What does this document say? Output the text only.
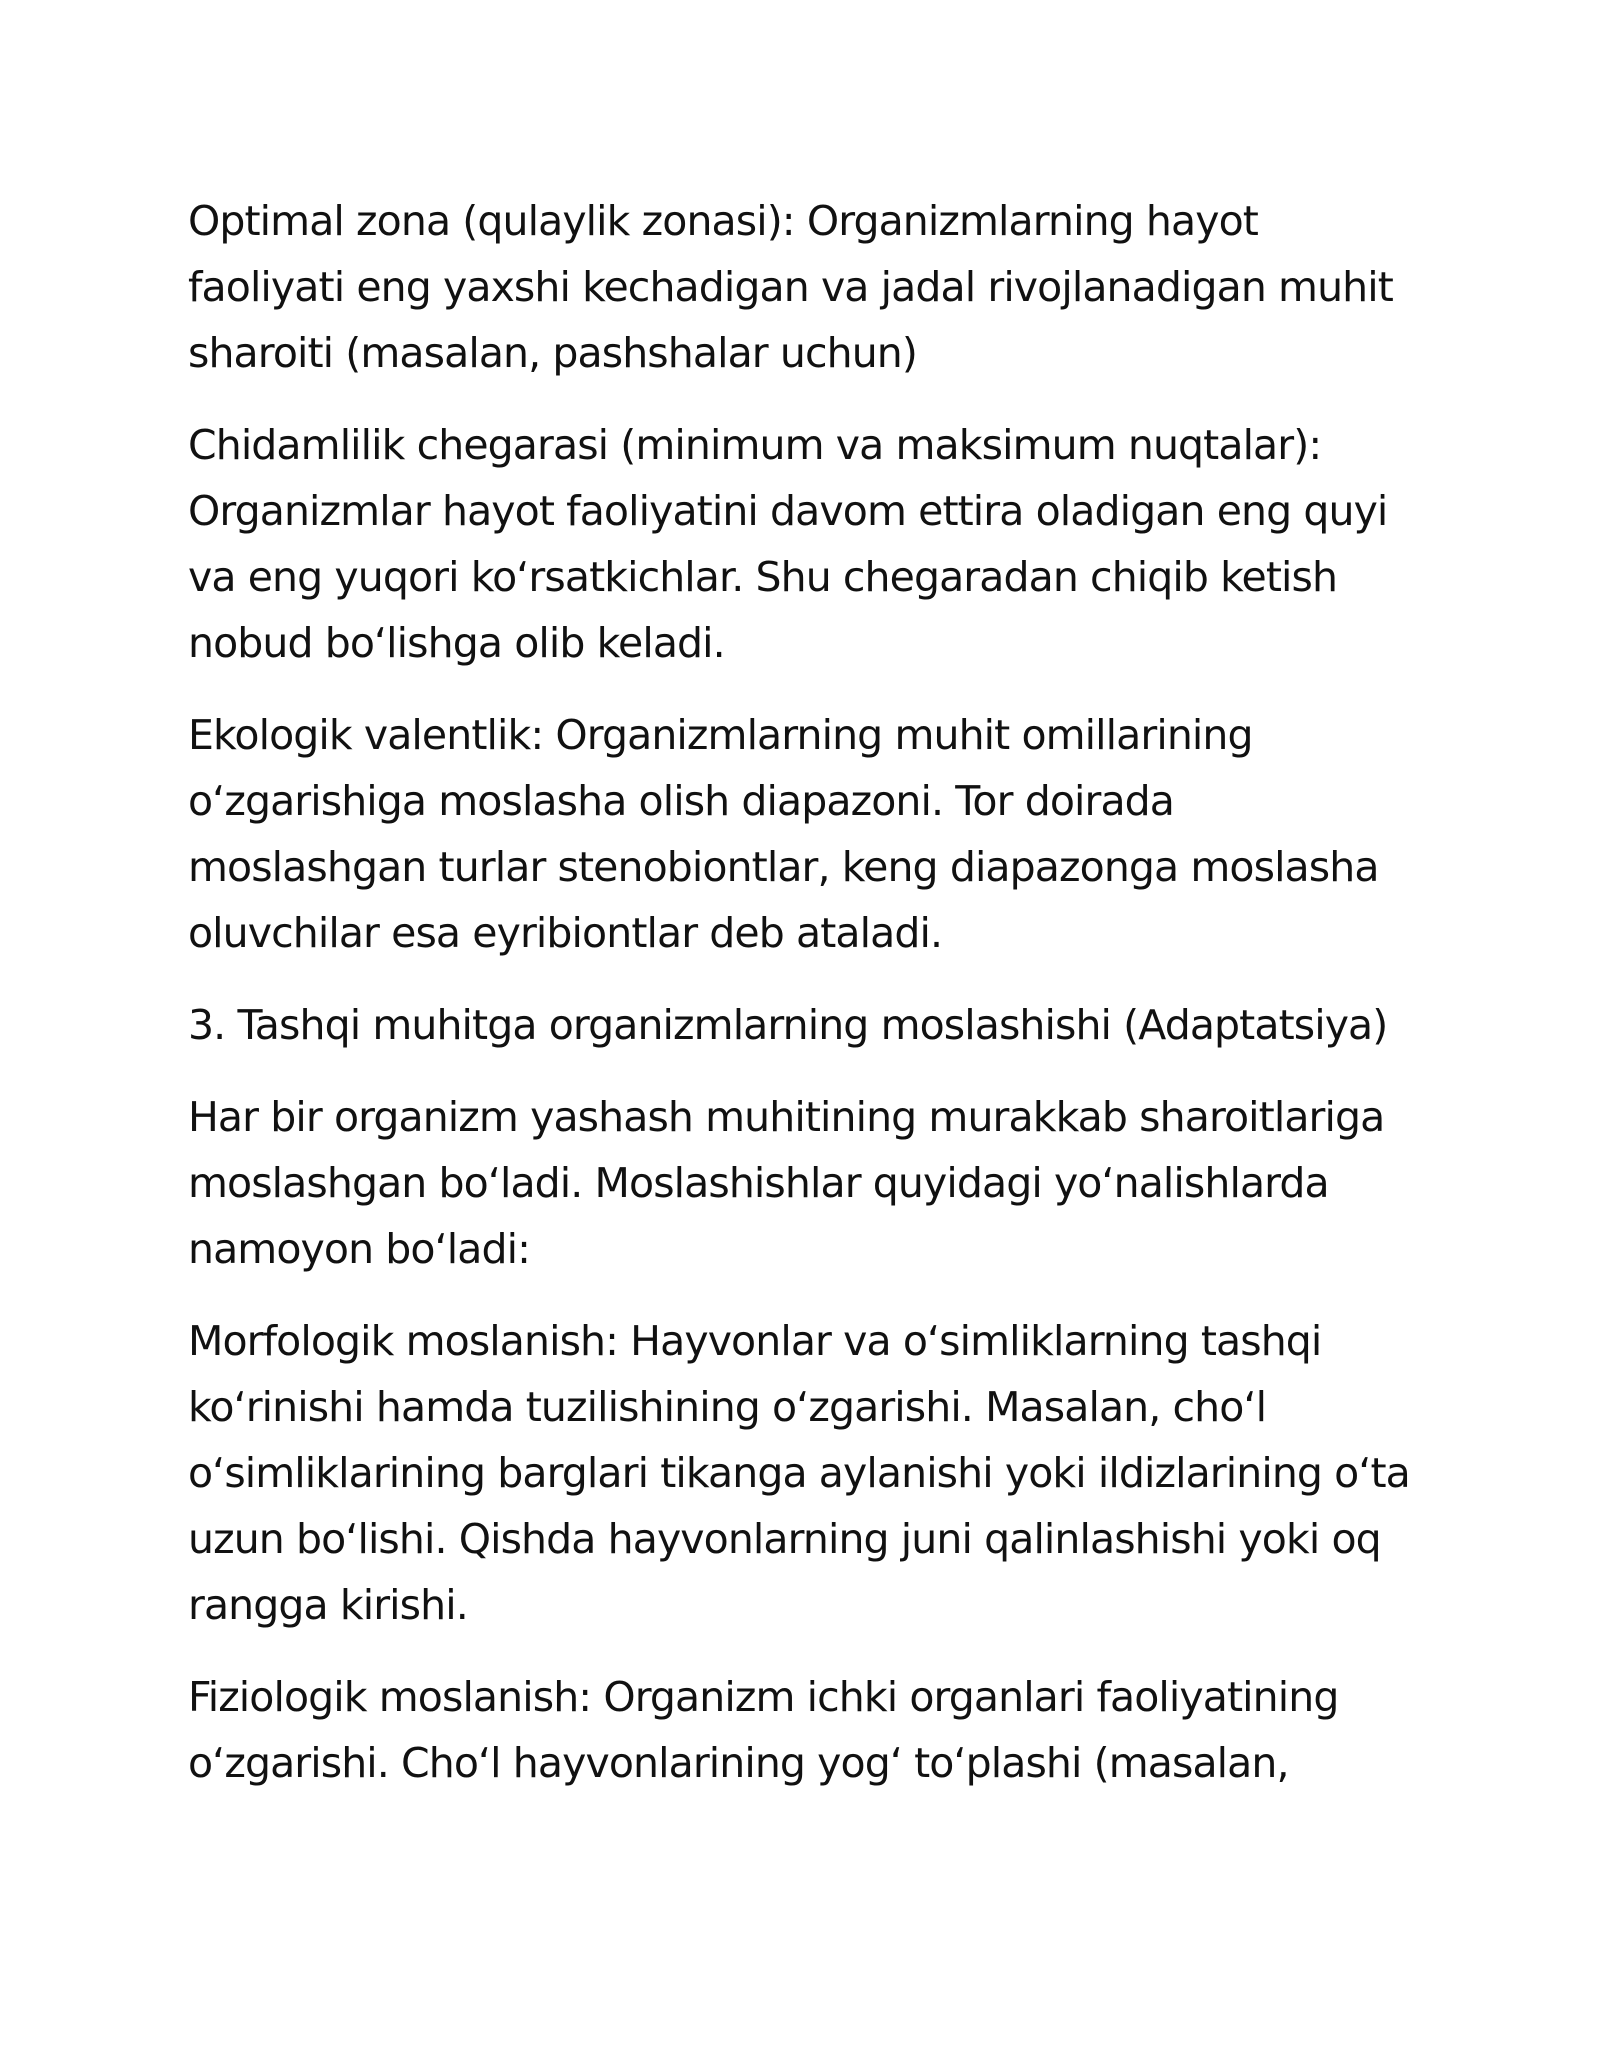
Optimal zona (qulaylik zonasi): Organizmlarning hayot faoliyati eng yaxshi kechadigan va jadal rivojlanadigan muhit sharoiti (masalan, pashshalar uchun)

Chidamlilik chegarasi (minimum va maksimum nuqtalar): Organizmlar hayot faoliyatini davom ettira oladigan eng quyi va eng yuqori koʻrsatkichlar. Shu chegaradan chiqib ketish nobud boʻlishga olib keladi.

Ekologik valentlik: Organizmlarning muhit omillarining oʻzgarishiga moslasha olish diapazoni. Tor doirada moslashgan turlar stenobiontlar, keng diapazonga moslasha oluvchilar esa eyribiontlar deb ataladi.

3. Tashqi muhitga organizmlarning moslashishi (Adaptatsiya)

Har bir organizm yashash muhitining murakkab sharoitlariga moslashgan boʻladi. Moslashishlar quyidagi yoʻnalishlarda namoyon boʻladi:

Morfologik moslanish: Hayvonlar va oʻsimliklarning tashqi koʻrinishi hamda tuzilishining oʻzgarishi. Masalan, choʻl oʻsimliklarining barglari tikanga aylanishi yoki ildizlarining oʻta uzun boʻlishi. Qishda hayvonlarning juni qalinlashishi yoki oq rangga kirishi.

Fiziologik moslanish: Organizm ichki organlari faoliyatining oʻzgarishi. Choʻl hayvonlarining yogʻ toʻplashi (masalan,
